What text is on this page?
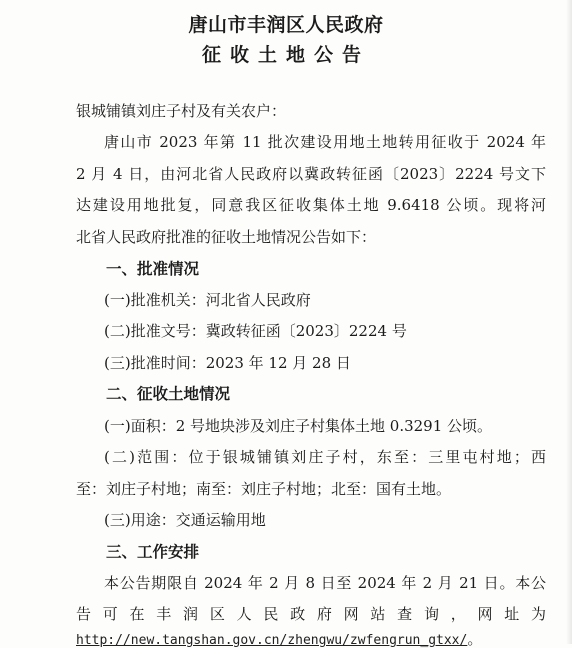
唐山市丰润区人民政府
征收土地公告
银城铺镇刘庄子村及有关农户：
唐山市 2023 年第 11 批次建设用地土地转用征收于 2024 年
2 月 4 日，由河北省人民政府以冀政转征函〔2023〕2224 号文下
达建设用地批复，同意我区征收集体土地 9.6418 公顷。现将河
北省人民政府批准的征收土地情况公告如下：
一、批准情况
(一)批准机关：河北省人民政府
(二)批准文号：冀政转征函〔2023〕2224 号
(三)批准时间：2023 年 12 月 28 日
二、征收土地情况
(一)面积：2 号地块涉及刘庄子村集体土地 0.3291 公顷。
(二)范围：位于银城铺镇刘庄子村，东至：三里屯村地；西
至：刘庄子村地；南至：刘庄子村地；北至：国有土地。
(三)用途：交通运输用地
三、工作安排
本公告期限自 2024 年 2 月 8 日至 2024 年 2 月 21 日。本公
告 可 在 丰 润 区 人 民 政 府 网 站 查 询 ， 网 址 为
http://new.tangshan.gov.cn/zhengwu/zwfengrun_gtxx/。
